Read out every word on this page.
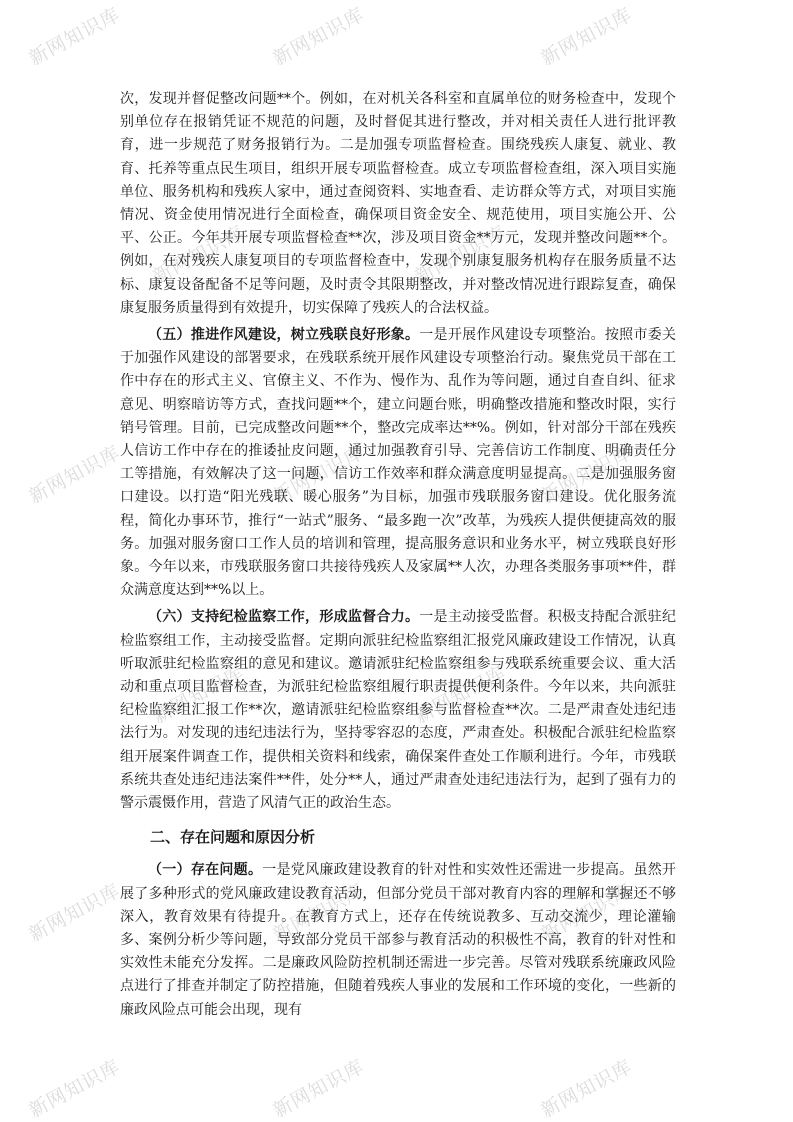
新网知识库	新网知识库	新网知识库
新网知识库	新网知识库
新网知识库	新网知识库	新网知识库
新网知识库	新网知识库
新网知识库	新网知识库	新网知识库
新网知识库	新网知识库	新网知识库

次，发现并督促整改问题**个。例如，在对机关各科室和直属单位的财务检查中，发现个别单位存在报销凭证不规范的问题，及时督促其进行整改，并对相关责任人进行批评教育，进一步规范了财务报销行为。二是加强专项监督检查。围绕残疾人康复、就业、教育、托养等重点民生项目，组织开展专项监督检查。成立专项监督检查组，深入项目实施单位、服务机构和残疾人家中，通过查阅资料、实地查看、走访群众等方式，对项目实施情况、资金使用情况进行全面检查，确保项目资金安全、规范使用，项目实施公开、公平、公正。今年共开展专项监督检查**次，涉及项目资金**万元，发现并整改问题**个。例如，在对残疾人康复项目的专项监督检查中，发现个别康复服务机构存在服务质量不达标、康复设备配备不足等问题，及时责令其限期整改，并对整改情况进行跟踪复查，确保康复服务质量得到有效提升，切实保障了残疾人的合法权益。

（五）推进作风建设，树立残联良好形象。一是开展作风建设专项整治。按照市委关于加强作风建设的部署要求，在残联系统开展作风建设专项整治行动。聚焦党员干部在工作中存在的形式主义、官僚主义、不作为、慢作为、乱作为等问题，通过自查自纠、征求意见、明察暗访等方式，查找问题**个，建立问题台账，明确整改措施和整改时限，实行销号管理。目前，已完成整改问题**个，整改完成率达**%。例如，针对部分干部在残疾人信访工作中存在的推诿扯皮问题，通过加强教育引导、完善信访工作制度、明确责任分工等措施，有效解决了这一问题，信访工作效率和群众满意度明显提高。二是加强服务窗口建设。以打造“阳光残联、暖心服务”为目标，加强市残联服务窗口建设。优化服务流程，简化办事环节，推行“一站式”服务、“最多跑一次”改革，为残疾人提供便捷高效的服务。加强对服务窗口工作人员的培训和管理，提高服务意识和业务水平，树立残联良好形象。今年以来，市残联服务窗口共接待残疾人及家属**人次，办理各类服务事项**件，群众满意度达到**%以上。

（六）支持纪检监察工作，形成监督合力。一是主动接受监督。积极支持配合派驻纪检监察组工作，主动接受监督。定期向派驻纪检监察组汇报党风廉政建设工作情况，认真听取派驻纪检监察组的意见和建议。邀请派驻纪检监察组参与残联系统重要会议、重大活动和重点项目监督检查，为派驻纪检监察组履行职责提供便利条件。今年以来，共向派驻纪检监察组汇报工作**次，邀请派驻纪检监察组参与监督检查**次。二是严肃查处违纪违法行为。对发现的违纪违法行为，坚持零容忍的态度，严肃查处。积极配合派驻纪检监察组开展案件调查工作，提供相关资料和线索，确保案件查处工作顺利进行。今年，市残联系统共查处违纪违法案件**件，处分**人，通过严肃查处违纪违法行为，起到了强有力的警示震慑作用，营造了风清气正的政治生态。

二、存在问题和原因分析

（一）存在问题。一是党风廉政建设教育的针对性和实效性还需进一步提高。虽然开展了多种形式的党风廉政建设教育活动，但部分党员干部对教育内容的理解和掌握还不够深入，教育效果有待提升。在教育方式上，还存在传统说教多、互动交流少，理论灌输多、案例分析少等问题，导致部分党员干部参与教育活动的积极性不高，教育的针对性和实效性未能充分发挥。二是廉政风险防控机制还需进一步完善。尽管对残联系统廉政风险点进行了排查并制定了防控措施，但随着残疾人事业的发展和工作环境的变化，一些新的廉政风险点可能会出现，现有
